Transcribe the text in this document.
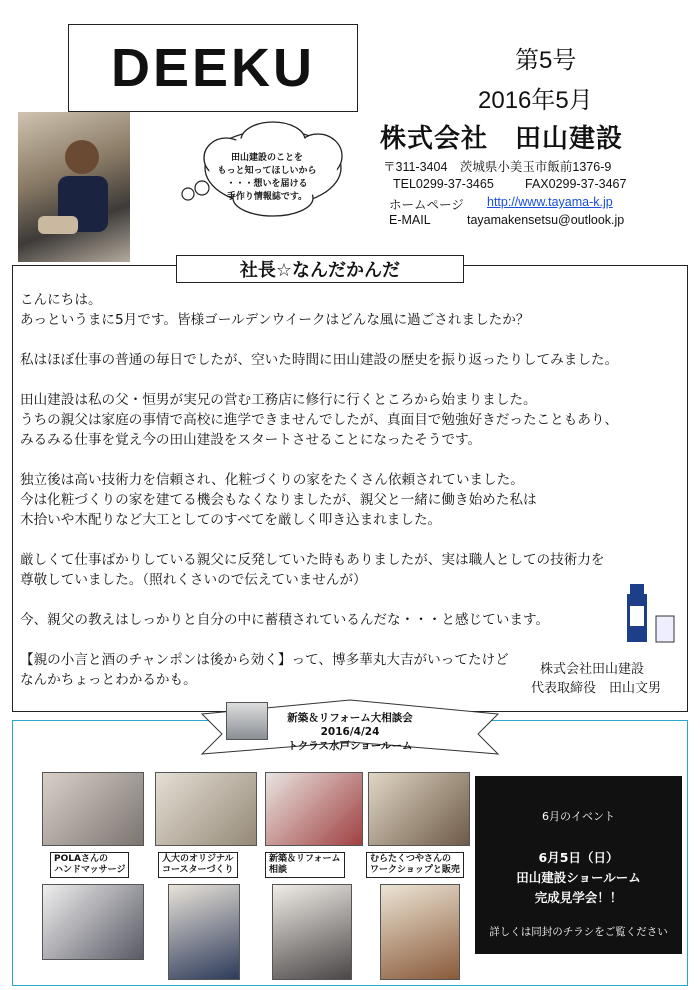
DEEKU	第5号
2016年5月
田山建設のことを
もっと知ってほしいから
・・・想いを届ける
手作り情報誌です。
株式会社　田山建設
〒311-3404　茨城県小美玉市飯前1376-9
TEL0299-37-3465 FAX0299-37-3467
ホームページ http://www.tayama-k.jp
E-MAIL	tayamakensetsu@outlook.jp
社長☆なんだかんだ

こんにちは。
あっというまに5月です。皆様ゴールデンウイークはどんな風に過ごされましたか？

私はほぼ仕事の普通の毎日でしたが、空いた時間に田山建設の歴史を振り返ったりしてみました。

田山建設は私の父・恒男が実兄の営む工務店に修行に行くところから始まりました。
うちの親父は家庭の事情で高校に進学できませんでしたが、真面目で勉強好きだったこともあり、
みるみる仕事を覚え今の田山建設をスタートさせることになったそうです。

独立後は高い技術力を信頼され、化粧づくりの家をたくさん依頼されていました。
今は化粧づくりの家を建てる機会もなくなりましたが、親父と一緒に働き始めた私は
木拾いや木配りなど大工としてのすべてを厳しく叩き込まれました。

厳しくて仕事ばかりしている親父に反発していた時もありましたが、実は職人としての技術力を
尊敬していました。（照れくさいので伝えていませんが）

今、親父の教えはしっかりと自分の中に蓄積されているんだな・・・と感じています。

【親の小言と酒のチャンポンは後から効く】って、博多華丸大吉がいってたけど
なんかちょっとわかるかも。

株式会社田山建設
代表取締役　田山文男
新築＆リフォーム大相談会
2016/4/24
トクラス水戸ショールーム
POLAさんの
ハンドマッサージ
人大のオリジナル
コースターづくり
新築＆リフォーム
相談
むらたくつやさんの
ワークショップと販売
6月のイベント
6月5日（日）
田山建設ショールーム
完成見学会！！
詳しくは同封のチラシをご覧ください
